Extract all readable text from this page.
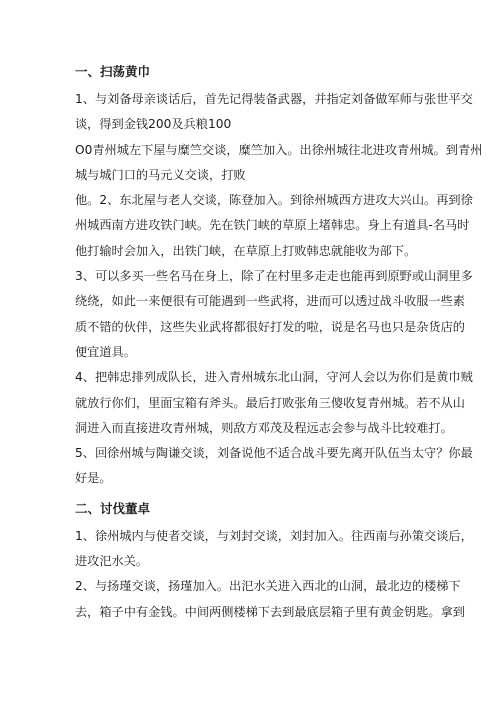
一、扫荡黄巾
1、与刘备母亲谈话后，首先记得装备武器，并指定刘备做军师与张世平交
谈，得到金钱200及兵粮100
O0青州城左下屋与糜竺交谈，糜竺加入。出徐州城往北进攻青州城。到青州
城与城门口的马元义交谈，打败
他。2、东北屋与老人交谈，陈登加入。到徐州城西方进攻大兴山。再到徐
州城西南方进攻铁门峡。先在铁门峡的草原上堵韩忠。身上有道具-名马时
他打输时会加入，出铁门峡，在草原上打败韩忠就能收为部下。
3、可以多买一些名马在身上，除了在村里多走走也能再到原野或山洞里多
绕绕，如此一来便很有可能遇到一些武将，进而可以透过战斗收服一些素
质不错的伙伴，这些失业武将都很好打发的啦，说是名马也只是杂货店的
便宜道具。
4、把韩忠排列成队长，进入青州城东北山洞，守河人会以为你们是黄巾贼
就放行你们，里面宝箱有斧头。最后打败张角三傻收复青州城。若不从山
洞进入而直接进攻青州城，则敌方邓茂及程远志会参与战斗比较难打。
5、回徐州城与陶谦交谈，刘备说他不适合战斗要先离开队伍当太守？你最
好是。
二、讨伐董卓
1、徐州城内与使者交谈，与刘封交谈，刘封加入。往西南与孙策交谈后，
进攻汜水关。
2、与扬瑾交谈，扬瑾加入。出汜水关进入西北的山洞，最北边的楼梯下
去，箱子中有金钱。中间两侧楼梯下去到最底层箱子里有黄金钥匙。拿到
